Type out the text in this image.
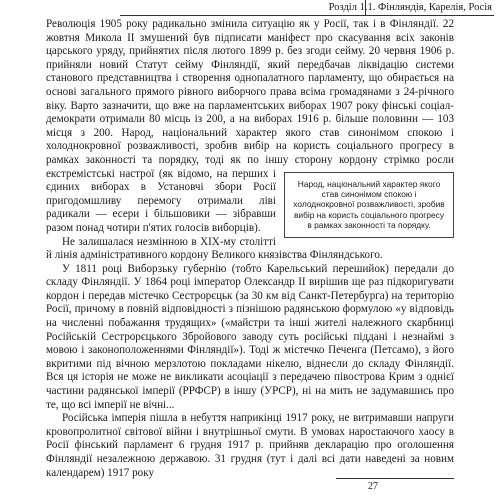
Розділ 1.1. Фінляндія, Карелія, Росія

Революція 1905 року радикально змінила ситуацію як у Росії, так і в Фінляндії. 22 жовтня Микола II змушений був підписати маніфест про скасування всіх законів царського уряду, прийнятих після лютого 1899 р. без згоди сейму. 20 червня 1906 р. прийняли новий Статут сейму Фінляндії, який передбачав ліквідацію системи станового представництва і створення однопалатного парламенту, що обирається на основі загального прямого рівного виборчого права всіма громадянами з 24-річного віку. Варто зазначити, що вже на парламентських виборах 1907 року фінські соціал-демократи отримали 80 місць із 200, а на виборах 1916 р. більше половини — 103 місця з 200. Народ, національний характер якого став синонімом спокою і холоднокровної розважливості, зробив вибір на користь соціального прогресу в рамках законності та порядку, тоді як по іншу сторону кордону
Народ, національний характер якого став синонімом спокою і холоднокровної розважливості, зробив вибір на користь соціального прогресу в рамках законності та порядку.
стрімко росли екстремістські настрої (як відомо, на перших і єдиних виборах в Установчі збори Росії пригодомшливу перемогу отримали ліві радикали — есери і більшовики — зібравши разом понад чотири п'ятих голосів виборців).

Не залишалася незмінною в XIX-му столітті й лінія адміністративного кордону Великого князівства Фінляндського.

У 1811 році Виборзьку губернію (тобто Карельський перешийок) передали до складу Фінляндії. У 1864 році імператор Олександр II вирішив ще раз підкоригувати кордон і передав містечко Сестрорєцьк (за 30 км від Санкт-Петербурга) на територію Росії, причому в повній відповідності з пізнішою радянською формулою «у відповідь на численні побажання трудящих» («майстри та інші жителі належного скарбниці Російській Сестрорєцького Збройового заводу суть російські піддані і незнаймі з мовою і законоположеннями Фінляндії»). Тоді ж містечко Печенга (Петсамо), з його вкритими під вічною мерзлотою покладами нікелю, віднесли до складу Фінляндії. Вся ця історія не може не викликати асоціації з передачею півострова Крим з однієї частини радянської імперії (РРФСР) в іншу (УРСР), ні на мить не задумавшись про те, що всі імперії не вічні...

Російська імперія пішла в небуття наприкінці 1917 року, не витримавши напруги кровопролитної світової війни і внутрішньої смути. В умовах наростаючого хаосу в Росії фінський парламент 6 грудня 1917 р. прийняв декларацію про оголошення Фінляндії незалежною державою. 31 грудня (тут і далі всі дати наведені за новим календарем) 1917 року

27
